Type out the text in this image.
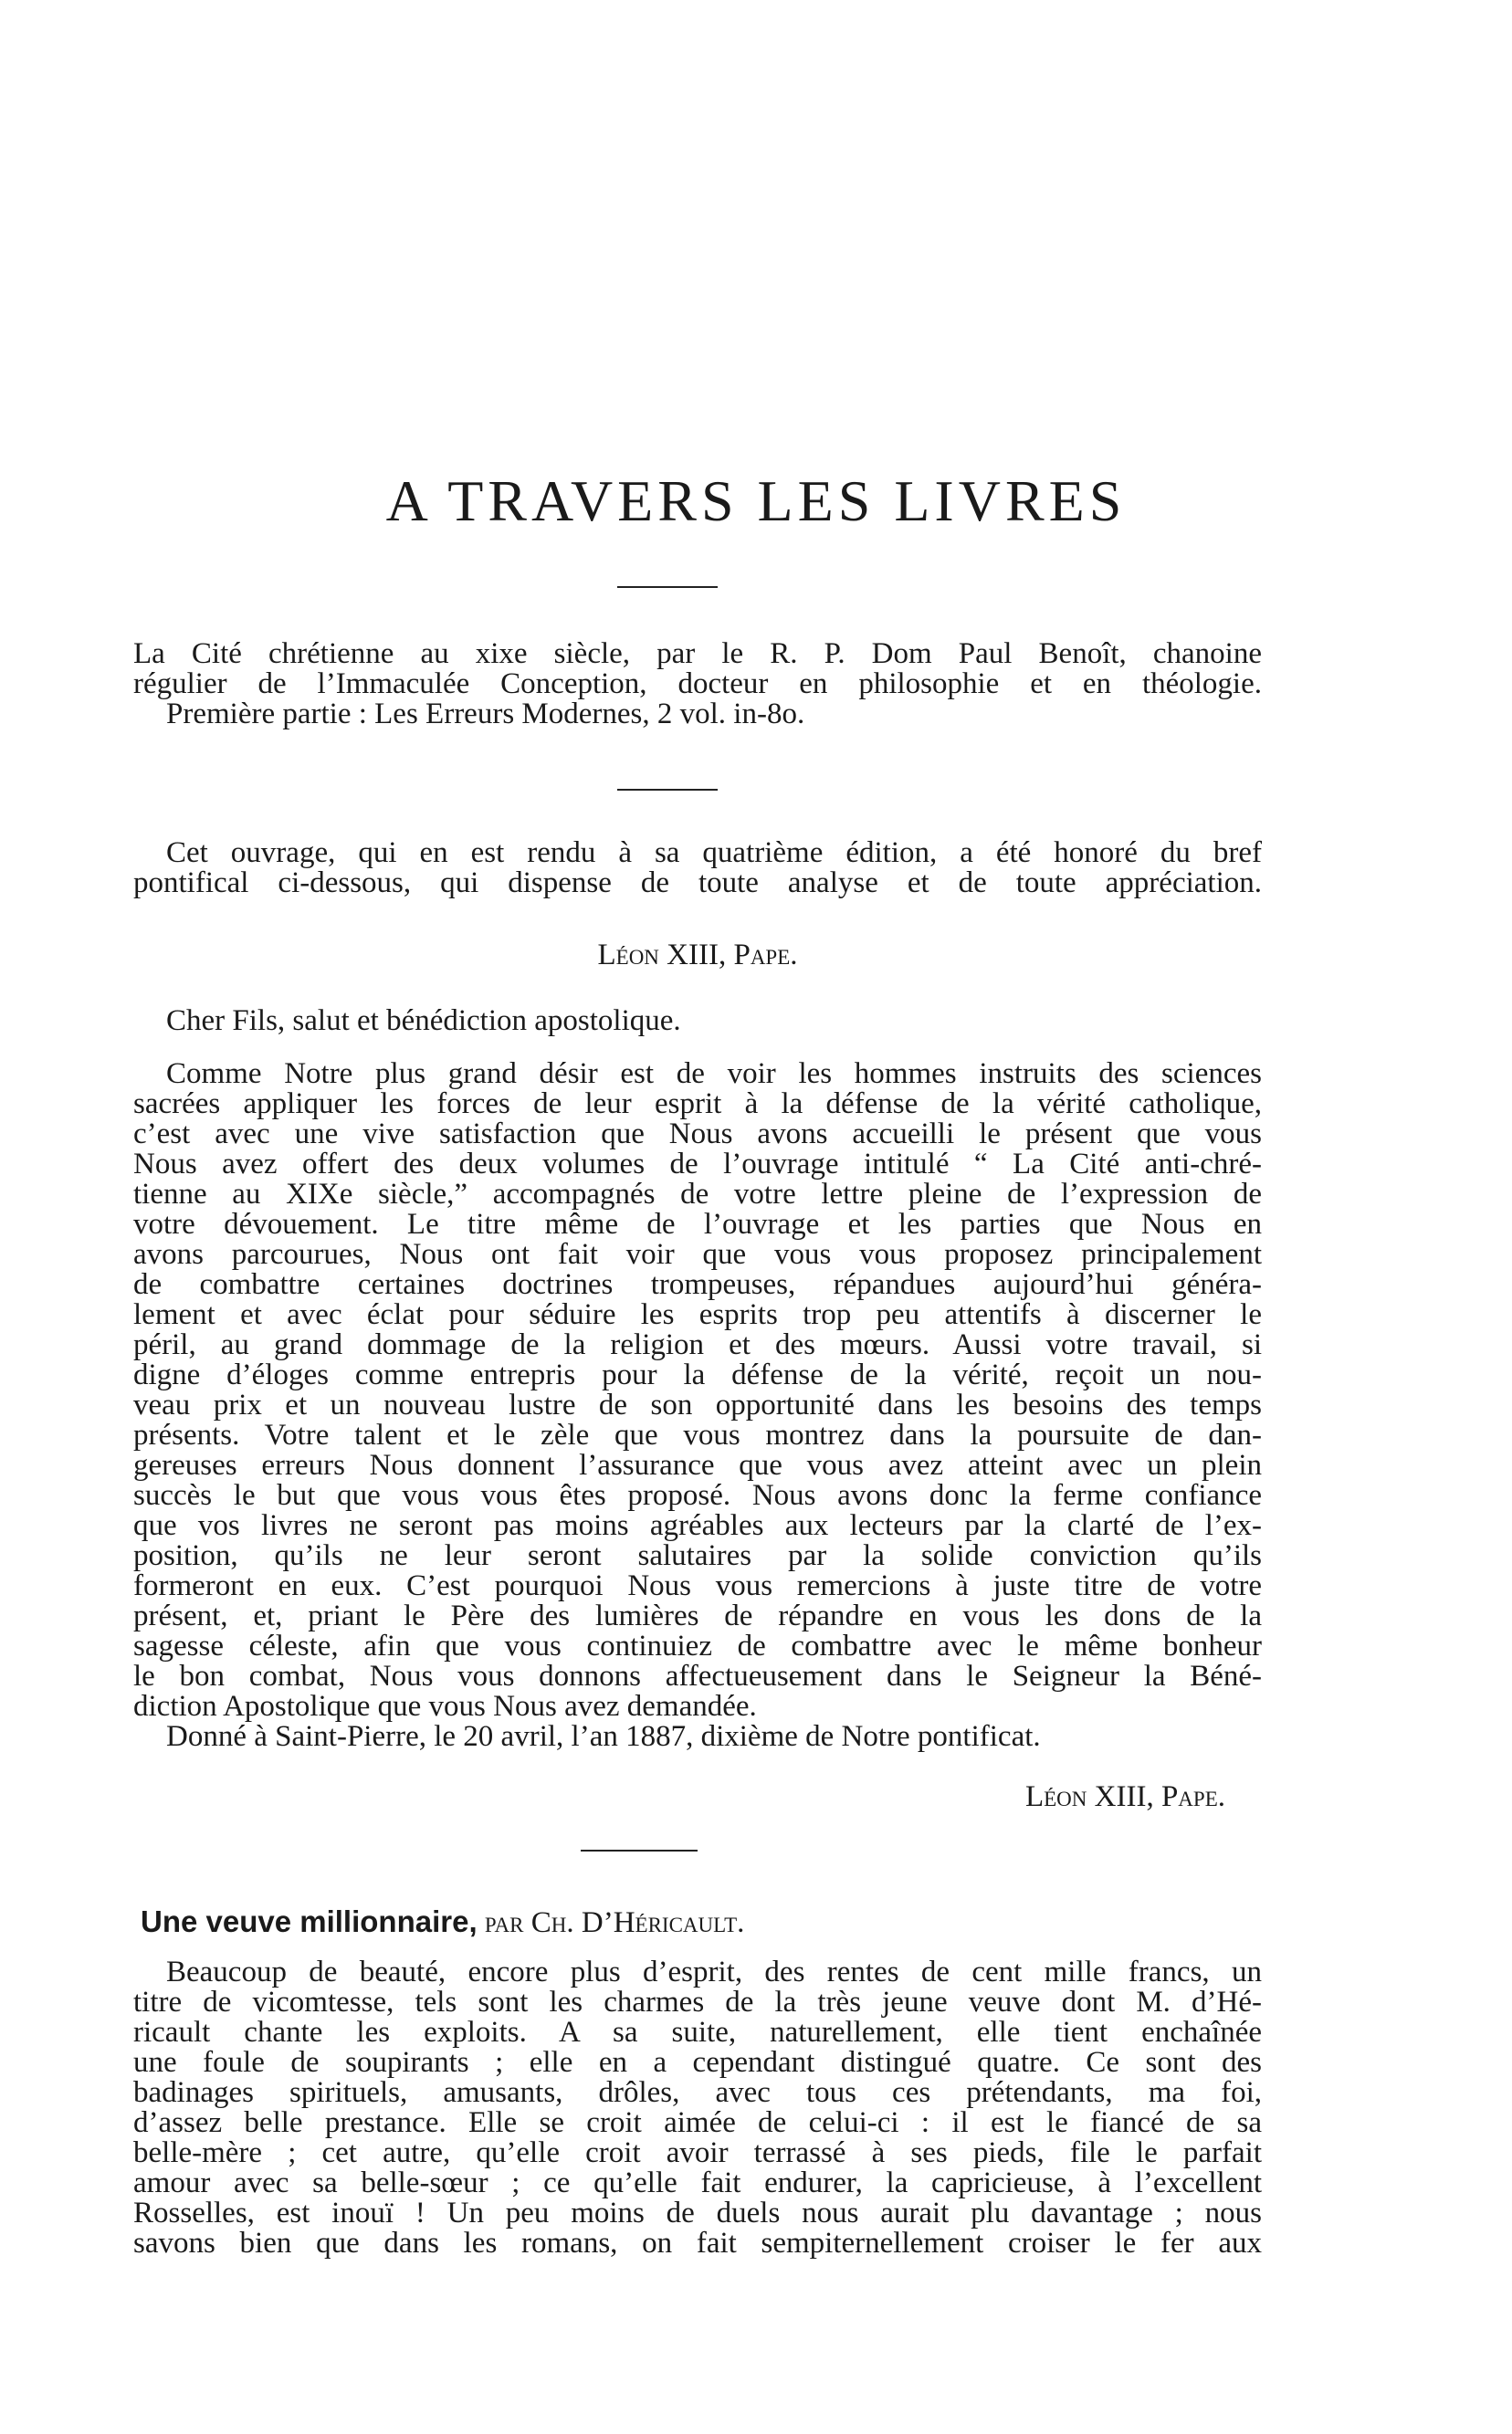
A TRAVERS LES LIVRES
La Cité chrétienne au xixe siècle, par le R. P. Dom Paul Benoît, chanoine
régulier de l’Immaculée Conception, docteur en philosophie et en théologie.
Première partie : Les Erreurs Modernes, 2 vol. in-8o.
Cet ouvrage, qui en est rendu à sa quatrième édition, a été honoré du bref
pontifical ci-dessous, qui dispense de toute analyse et de toute appréciation.
Léon XIII, Pape.
Cher Fils, salut et bénédiction apostolique.
Comme Notre plus grand désir est de voir les hommes instruits des sciences
sacrées appliquer les forces de leur esprit à la défense de la vérité catholique,
c’est avec une vive satisfaction que Nous avons accueilli le présent que vous
Nous avez offert des deux volumes de l’ouvrage intitulé “ La Cité anti-chré-
tienne au XIXe siècle,” accompagnés de votre lettre pleine de l’expression de
votre dévouement. Le titre même de l’ouvrage et les parties que Nous en
avons parcourues, Nous ont fait voir que vous vous proposez principalement
de combattre certaines doctrines trompeuses, répandues aujourd’hui généra-
lement et avec éclat pour séduire les esprits trop peu attentifs à discerner le
péril, au grand dommage de la religion et des mœurs. Aussi votre travail, si
digne d’éloges comme entrepris pour la défense de la vérité, reçoit un nou-
veau prix et un nouveau lustre de son opportunité dans les besoins des temps
présents. Votre talent et le zèle que vous montrez dans la poursuite de dan-
gereuses erreurs Nous donnent l’assurance que vous avez atteint avec un plein
succès le but que vous vous êtes proposé. Nous avons donc la ferme confiance
que vos livres ne seront pas moins agréables aux lecteurs par la clarté de l’ex-
position, qu’ils ne leur seront salutaires par la solide conviction qu’ils
formeront en eux. C’est pourquoi Nous vous remercions à juste titre de votre
présent, et, priant le Père des lumières de répandre en vous les dons de la
sagesse céleste, afin que vous continuiez de combattre avec le même bonheur
le bon combat, Nous vous donnons affectueusement dans le Seigneur la Béné-
diction Apostolique que vous Nous avez demandée.
Donné à Saint-Pierre, le 20 avril, l’an 1887, dixième de Notre pontificat.
Léon XIII, Pape.
Une veuve millionnaire, par Ch. D’Héricault.
Beaucoup de beauté, encore plus d’esprit, des rentes de cent mille francs, un
titre de vicomtesse, tels sont les charmes de la très jeune veuve dont M. d’Hé-
ricault chante les exploits. A sa suite, naturellement, elle tient enchaînée
une foule de soupirants ; elle en a cependant distingué quatre. Ce sont des
badinages spirituels, amusants, drôles, avec tous ces prétendants, ma foi,
d’assez belle prestance. Elle se croit aimée de celui-ci : il est le fiancé de sa
belle-mère ; cet autre, qu’elle croit avoir terrassé à ses pieds, file le parfait
amour avec sa belle-sœur ; ce qu’elle fait endurer, la capricieuse, à l’excellent
Rosselles, est inouï ! Un peu moins de duels nous aurait plu davantage ; nous
savons bien que dans les romans, on fait sempiternellement croiser le fer aux
